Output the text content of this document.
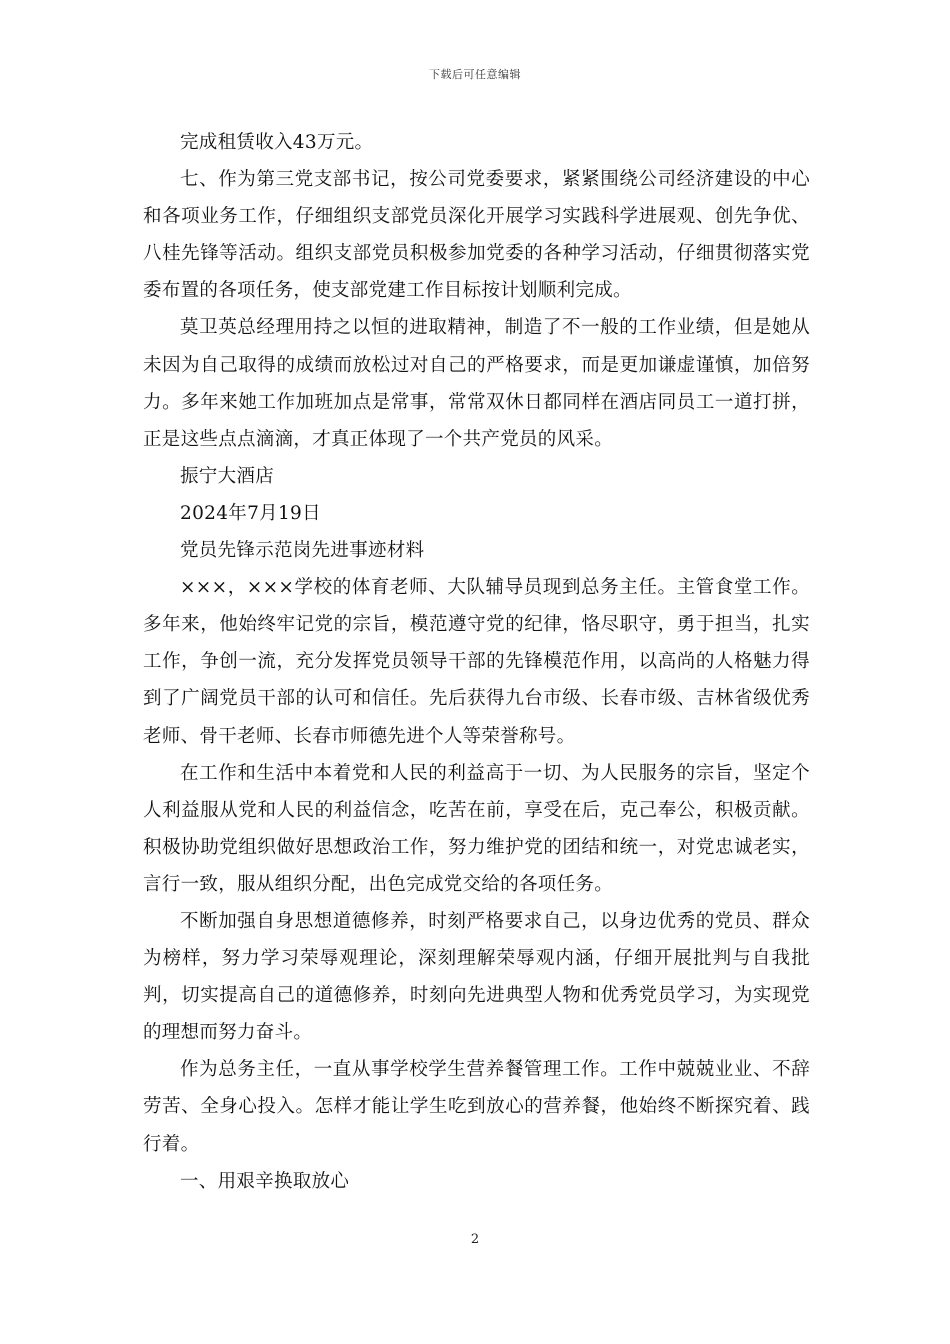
下载后可任意编辑

完成租赁收入43万元。

七、作为第三党支部书记，按公司党委要求，紧紧围绕公司经济建设的中心和各项业务工作，仔细组织支部党员深化开展学习实践科学进展观、创先争优、八桂先锋等活动。组织支部党员积极参加党委的各种学习活动，仔细贯彻落实党委布置的各项任务，使支部党建工作目标按计划顺利完成。

莫卫英总经理用持之以恒的进取精神，制造了不一般的工作业绩，但是她从未因为自己取得的成绩而放松过对自己的严格要求，而是更加谦虚谨慎，加倍努力。多年来她工作加班加点是常事，常常双休日都同样在酒店同员工一道打拼，正是这些点点滴滴，才真正体现了一个共产党员的风采。

振宁大酒店

2024年7月19日

党员先锋示范岗先进事迹材料

×××，×××学校的体育老师、大队辅导员现到总务主任。主管食堂工作。多年来，他始终牢记党的宗旨，模范遵守党的纪律，恪尽职守，勇于担当，扎实工作，争创一流，充分发挥党员领导干部的先锋模范作用，以高尚的人格魅力得到了广阔党员干部的认可和信任。先后获得九台市级、长春市级、吉林省级优秀老师、骨干老师、长春市师德先进个人等荣誉称号。

在工作和生活中本着党和人民的利益高于一切、为人民服务的宗旨，坚定个人利益服从党和人民的利益信念，吃苦在前，享受在后，克己奉公，积极贡献。积极协助党组织做好思想政治工作，努力维护党的团结和统一，对党忠诚老实，言行一致，服从组织分配，出色完成党交给的各项任务。

不断加强自身思想道德修养，时刻严格要求自己，以身边优秀的党员、群众为榜样，努力学习荣辱观理论，深刻理解荣辱观内涵，仔细开展批判与自我批判，切实提高自己的道德修养，时刻向先进典型人物和优秀党员学习，为实现党的理想而努力奋斗。

作为总务主任，一直从事学校学生营养餐管理工作。工作中兢兢业业、不辞劳苦、全身心投入。怎样才能让学生吃到放心的营养餐，他始终不断探究着、践行着。

一、用艰辛换取放心

2
